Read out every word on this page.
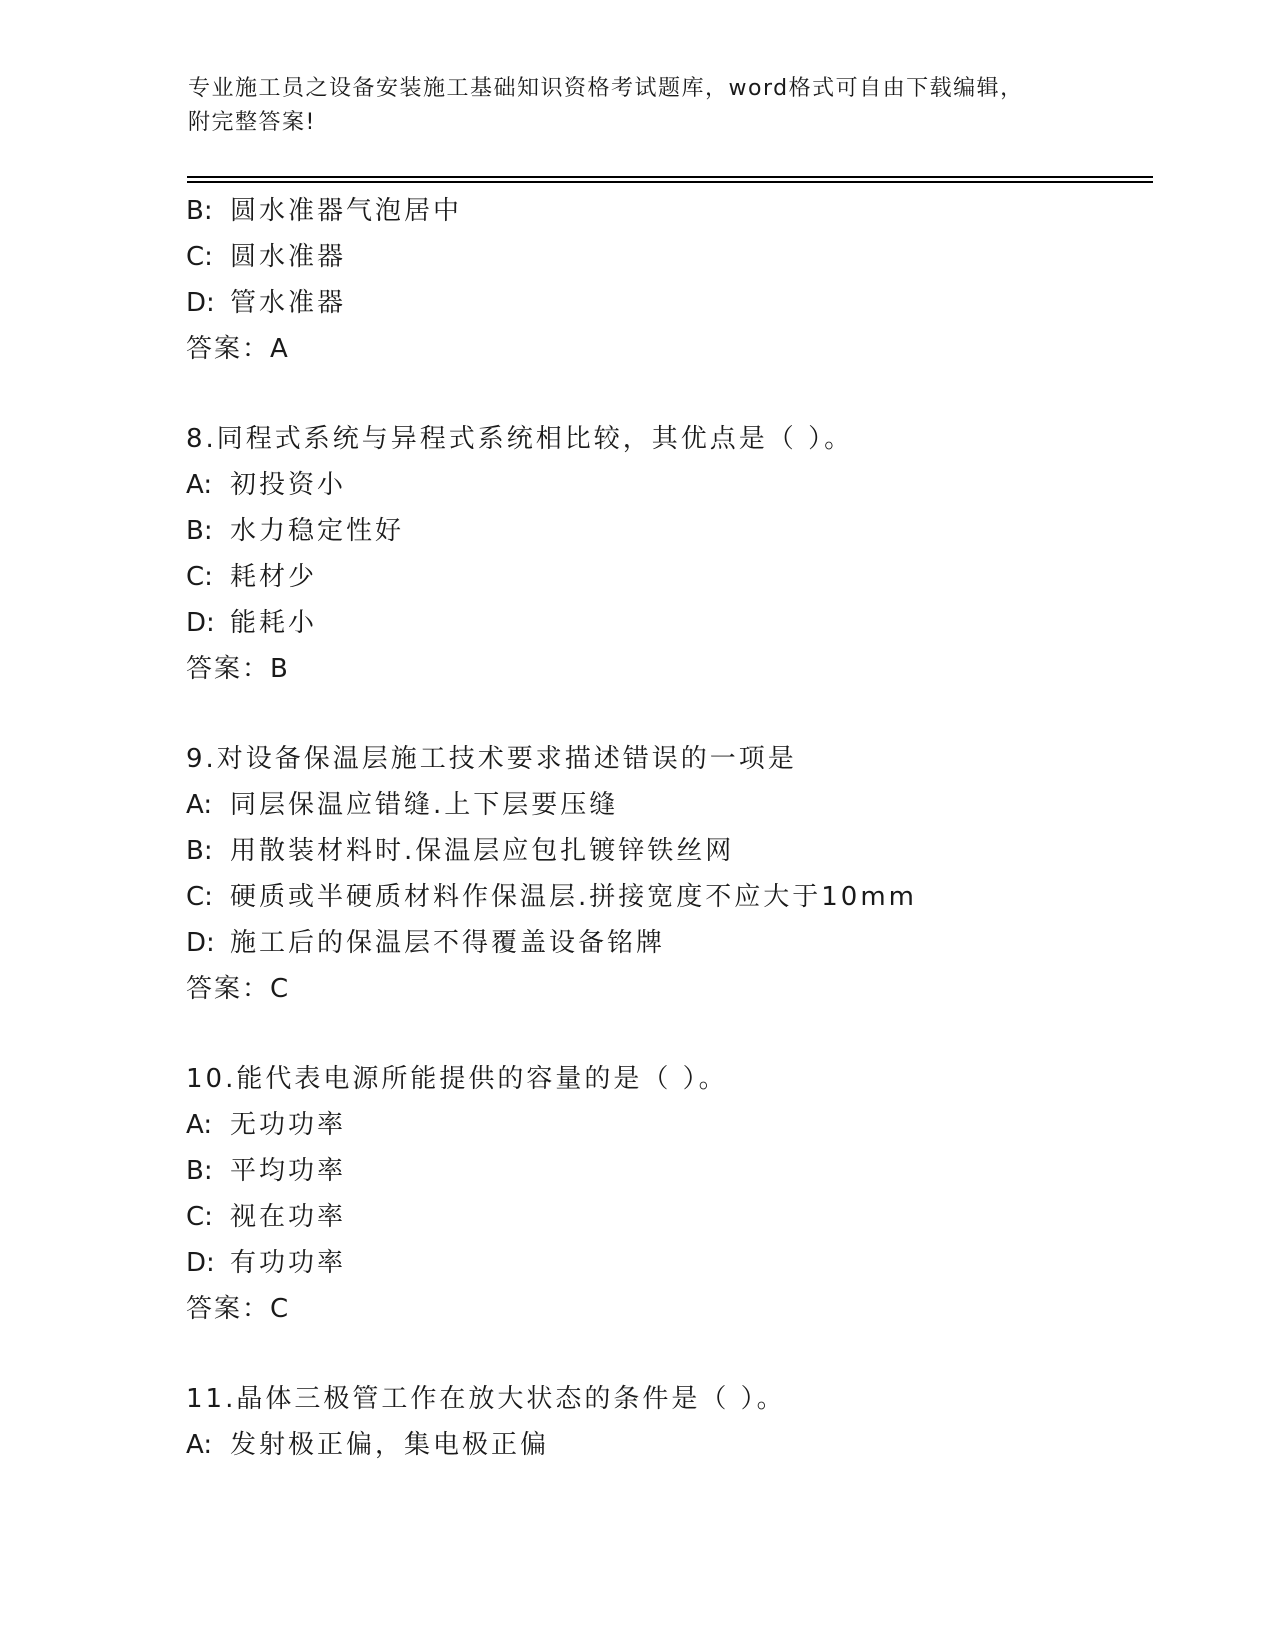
专业施工员之设备安装施工基础知识资格考试题库，word格式可自由下载编辑，
附完整答案!
B: 圆水准器气泡居中
C: 圆水准器
D: 管水准器
答案：A
8.同程式系统与异程式系统相比较，其优点是（ ）。
A: 初投资小
B: 水力稳定性好
C: 耗材少
D: 能耗小
答案：B
9.对设备保温层施工技术要求描述错误的一项是
A: 同层保温应错缝.上下层要压缝
B: 用散装材料时.保温层应包扎镀锌铁丝网
C: 硬质或半硬质材料作保温层.拼接宽度不应大于10mm
D: 施工后的保温层不得覆盖设备铭牌
答案：C
10.能代表电源所能提供的容量的是（ ）。
A: 无功功率
B: 平均功率
C: 视在功率
D: 有功功率
答案：C
11.晶体三极管工作在放大状态的条件是（ ）。
A: 发射极正偏，集电极正偏
